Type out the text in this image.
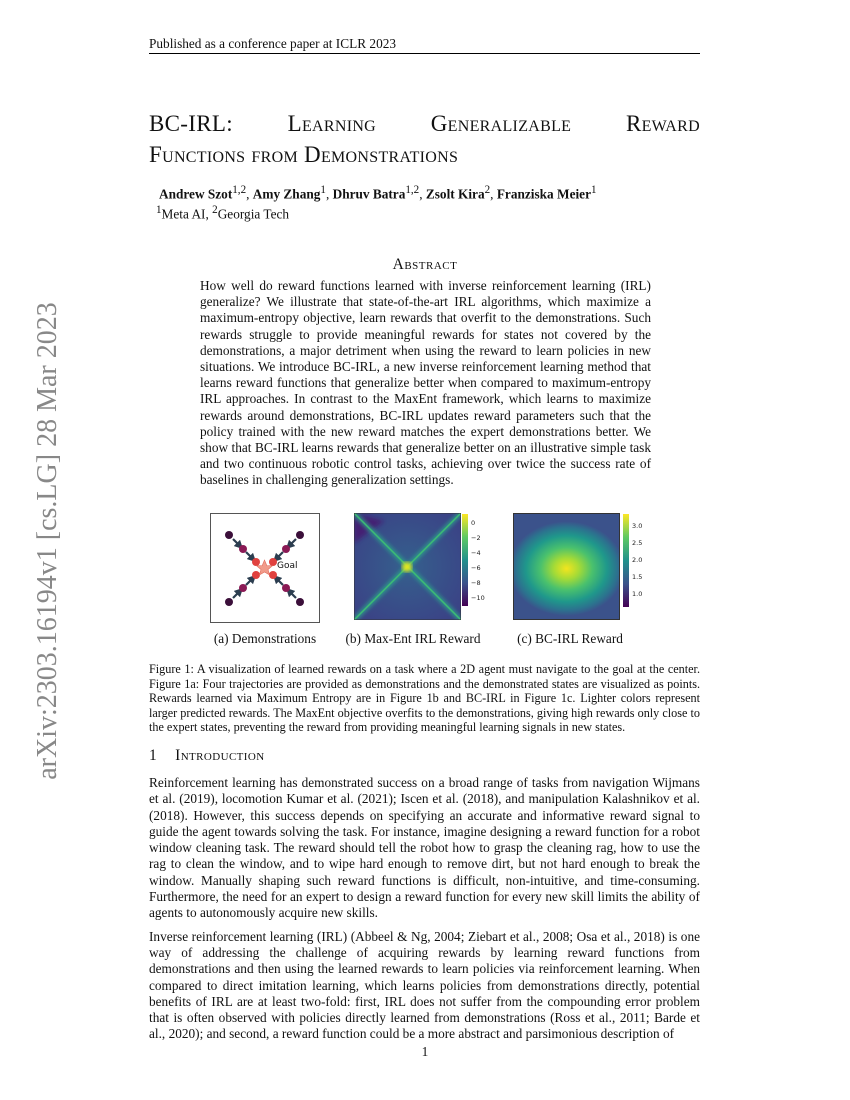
Published as a conference paper at ICLR 2023
arXiv:2303.16194v1 [cs.LG] 28 Mar 2023
BC-IRL: Learning Generalizable Reward
Functions from Demonstrations
Andrew Szot$^{1,2}$, Amy Zhang$^1$, Dhruv Batra$^{1,2}$, Zsolt Kira$^2$, Franziska Meier$^1$
$^1$Meta AI, $^2$Georgia Tech
Abstract
How well do reward functions learned with inverse reinforcement learning (IRL) generalize? We illustrate that state-of-the-art IRL algorithms, which maximize a maximum-entropy objective, learn rewards that overfit to the demonstrations. Such rewards struggle to provide meaningful rewards for states not covered by the demonstrations, a major detriment when using the reward to learn policies in new situations. We introduce BC-IRL, a new inverse reinforcement learning method that learns reward functions that generalize better when compared to maximum-entropy IRL approaches. In contrast to the MaxEnt framework, which learns to maximize rewards around demonstrations, BC-IRL updates reward parameters such that the policy trained with the new reward matches the expert demonstrations better. We show that BC-IRL learns rewards that generalize better on an illustrative simple task and two continuous robotic control tasks, achieving over twice the success rate of baselines in challenging generalization settings.
Goal
(a) Demonstrations
0
−2
−4
−6
−8
−10
(b) Max-Ent IRL Reward
3.0
2.5
2.0
1.5
1.0
(c) BC-IRL Reward

Figure 1: A visualization of learned rewards on a task where a 2D agent must navigate to the goal at the center. Figure 1a: Four trajectories are provided as demonstrations and the demonstrated states are visualized as points. Rewards learned via Maximum Entropy are in Figure 1b and BC-IRL in Figure 1c. Lighter colors represent larger predicted rewards. The MaxEnt objective overfits to the demonstrations, giving high rewards only close to the expert states, preventing the reward from providing meaningful learning signals in new states.

1 Introduction

Reinforcement learning has demonstrated success on a broad range of tasks from navigation Wijmans et al. (2019), locomotion Kumar et al. (2021); Iscen et al. (2018), and manipulation Kalashnikov et al. (2018). However, this success depends on specifying an accurate and informative reward signal to guide the agent towards solving the task. For instance, imagine designing a reward function for a robot window cleaning task. The reward should tell the robot how to grasp the cleaning rag, how to use the rag to clean the window, and to wipe hard enough to remove dirt, but not hard enough to break the window. Manually shaping such reward functions is difficult, non-intuitive, and time-consuming. Furthermore, the need for an expert to design a reward function for every new skill limits the ability of agents to autonomously acquire new skills.

Inverse reinforcement learning (IRL) (Abbeel & Ng, 2004; Ziebart et al., 2008; Osa et al., 2018) is one way of addressing the challenge of acquiring rewards by learning reward functions from demonstrations and then using the learned rewards to learn policies via reinforcement learning. When compared to direct imitation learning, which learns policies from demonstrations directly, potential benefits of IRL are at least two-fold: first, IRL does not suffer from the compounding error problem that is often observed with policies directly learned from demonstrations (Ross et al., 2011; Barde et al., 2020); and second, a reward function could be a more abstract and parsimonious description of

1
